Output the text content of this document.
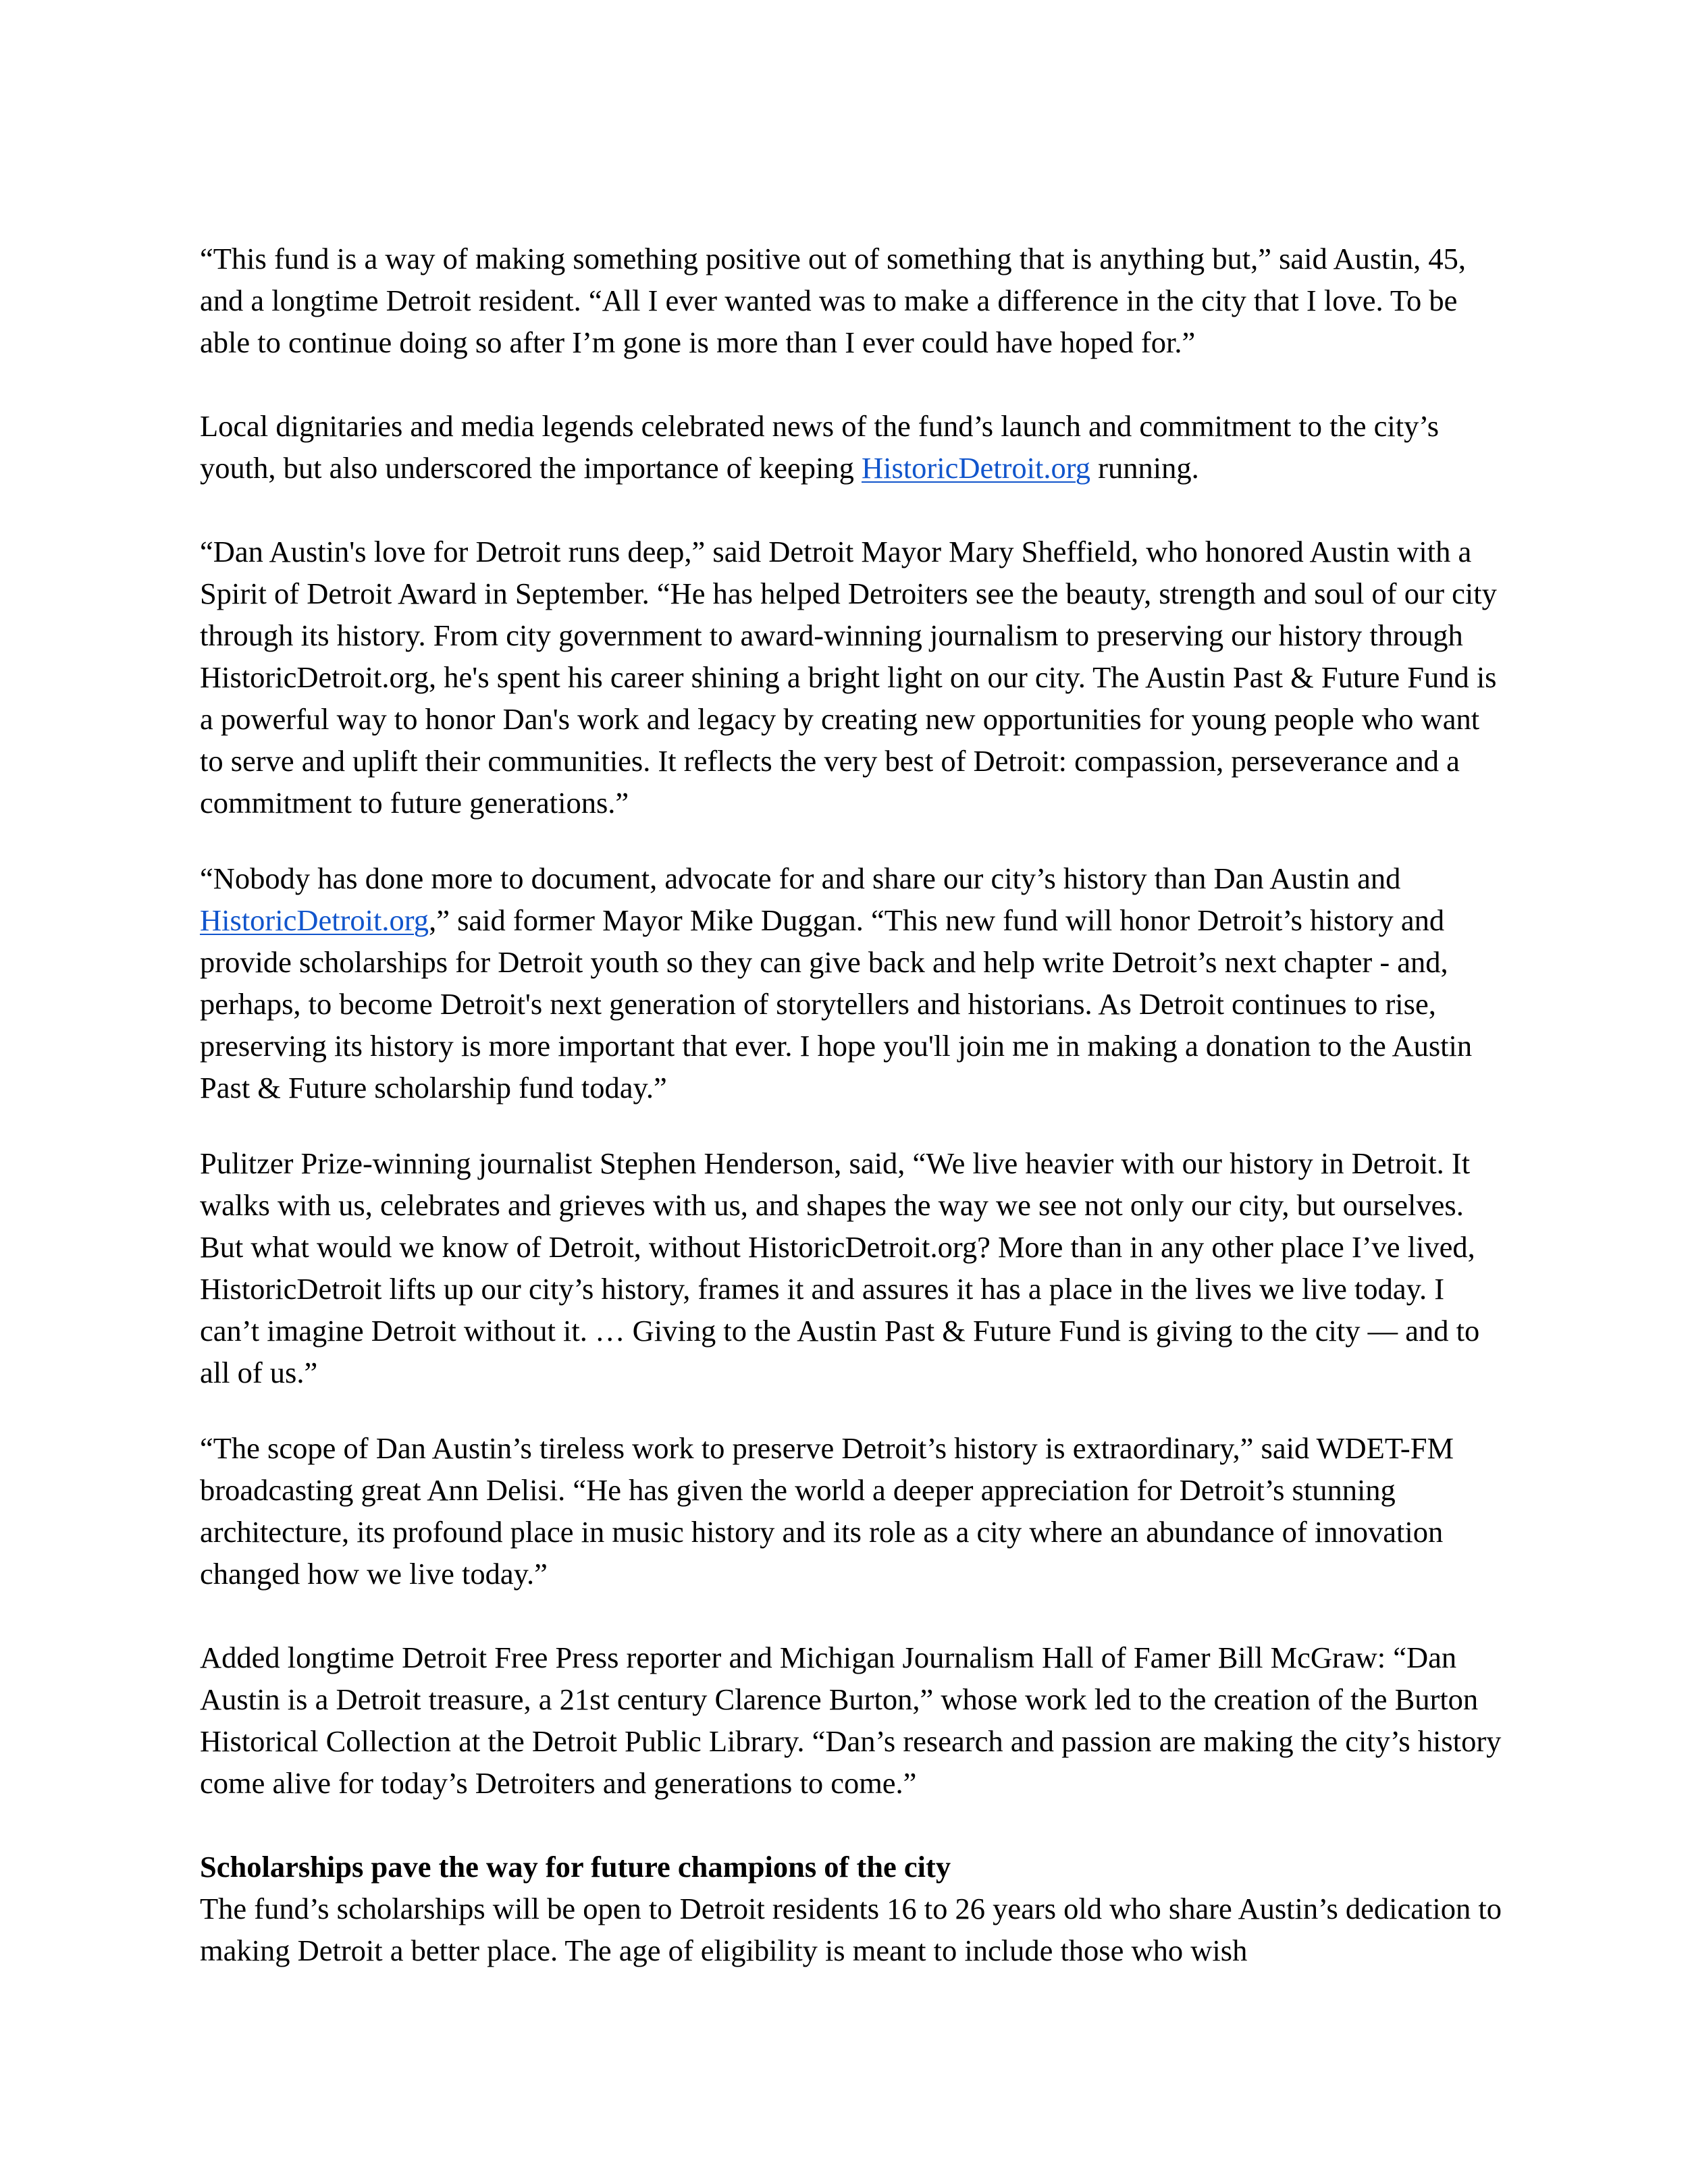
“This fund is a way of making something positive out of something that is anything but,” said Austin, 45, and a longtime Detroit resident. “All I ever wanted was to make a difference in the city that I love. To be able to continue doing so after I’m gone is more than I ever could have hoped for.”

Local dignitaries and media legends celebrated news of the fund’s launch and commitment to the city’s youth, but also underscored the importance of keeping HistoricDetroit.org running.

“Dan Austin's love for Detroit runs deep,” said Detroit Mayor Mary Sheffield, who honored Austin with a Spirit of Detroit Award in September. “He has helped Detroiters see the beauty, strength and soul of our city through its history. From city government to award-winning journalism to preserving our history through HistoricDetroit.org, he's spent his career shining a bright light on our city. The Austin Past & Future Fund is a powerful way to honor Dan's work and legacy by creating new opportunities for young people who want to serve and uplift their communities. It reflects the very best of Detroit: compassion, perseverance and a commitment to future generations.”

“Nobody has done more to document, advocate for and share our city’s history than Dan Austin and HistoricDetroit.org,” said former Mayor Mike Duggan. “This new fund will honor Detroit’s history and provide scholarships for Detroit youth so they can give back and help write Detroit’s next chapter - and, perhaps, to become Detroit's next generation of storytellers and historians. As Detroit continues to rise, preserving its history is more important that ever. I hope you'll join me in making a donation to the Austin Past & Future scholarship fund today.”

Pulitzer Prize-winning journalist Stephen Henderson, said, “We live heavier with our history in Detroit. It walks with us, celebrates and grieves with us, and shapes the way we see not only our city, but ourselves. But what would we know of Detroit, without HistoricDetroit.org? More than in any other place I’ve lived, HistoricDetroit lifts up our city’s history, frames it and assures it has a place in the lives we live today. I can’t imagine Detroit without it. … Giving to the Austin Past & Future Fund is giving to the city — and to all of us.”

“The scope of Dan Austin’s tireless work to preserve Detroit’s history is extraordinary,” said WDET-FM broadcasting great Ann Delisi. “He has given the world a deeper appreciation for Detroit’s stunning architecture, its profound place in music history and its role as a city where an abundance of innovation changed how we live today.”

Added longtime Detroit Free Press reporter and Michigan Journalism Hall of Famer Bill McGraw: “Dan Austin is a Detroit treasure, a 21st century Clarence Burton,” whose work led to the creation of the Burton Historical Collection at the Detroit Public Library. “Dan’s research and passion are making the city’s history come alive for today’s Detroiters and generations to come.”

Scholarships pave the way for future champions of the city

The fund’s scholarships will be open to Detroit residents 16 to 26 years old who share Austin’s dedication to making Detroit a better place. The age of eligibility is meant to include those who wish
